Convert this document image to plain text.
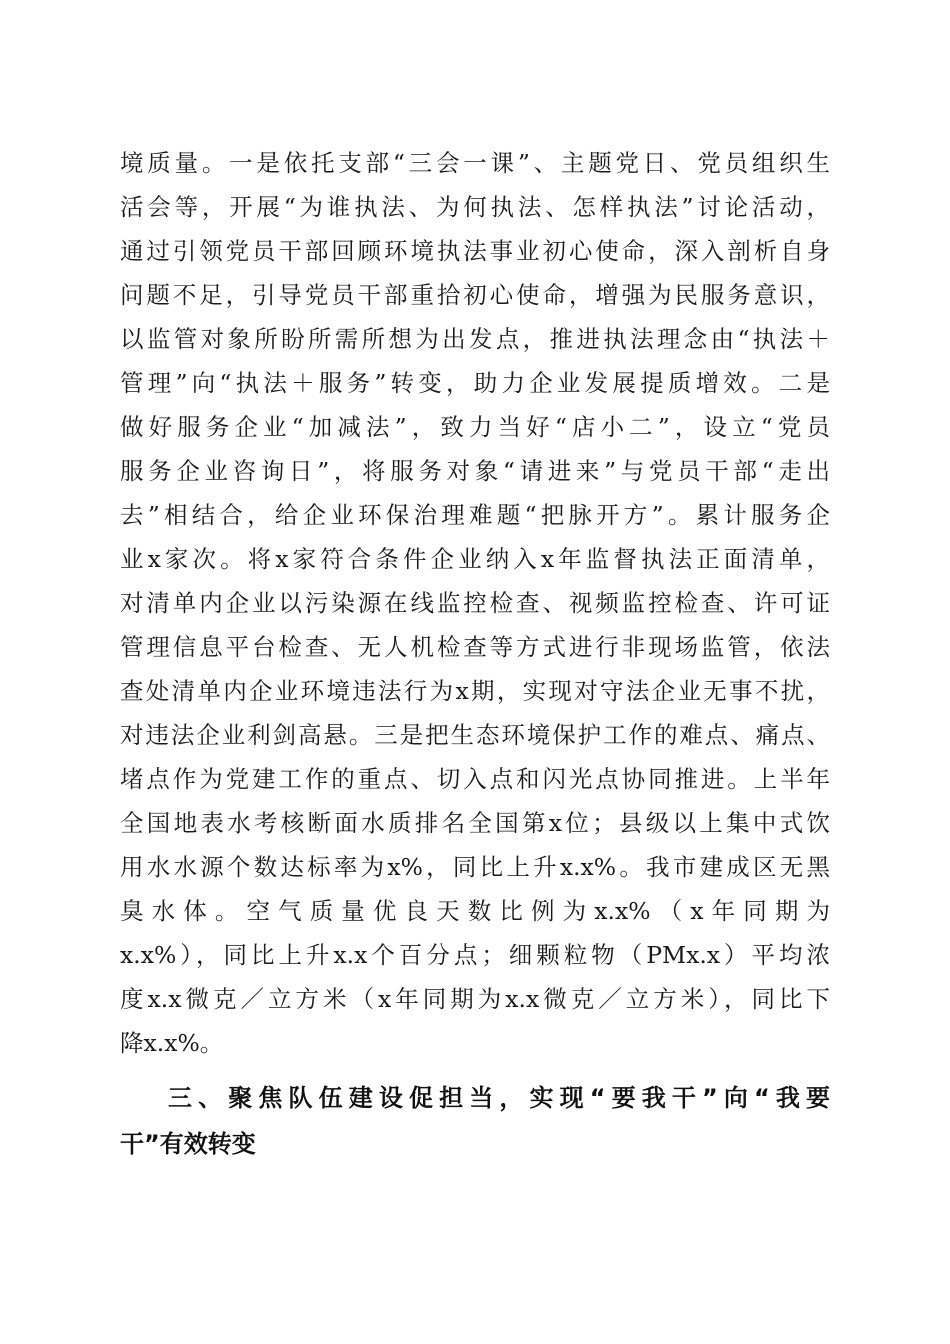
境质量。一是依托支部“三会一课”、主题党日、党员组织生
活会等，开展“为谁执法、为何执法、怎样执法”讨论活动，
通过引领党员干部回顾环境执法事业初心使命，深入剖析自身
问题不足，引导党员干部重拾初心使命，增强为民服务意识，
以监管对象所盼所需所想为出发点，推进执法理念由“执法＋
管理”向“执法＋服务”转变，助力企业发展提质增效。二是
做好服务企业“加减法”，致力当好“店小二”，设立“党员
服务企业咨询日”，将服务对象“请进来”与党员干部“走出
去”相结合，给企业环保治理难题“把脉开方”。累计服务企
业x家次。将x家符合条件企业纳入x年监督执法正面清单，
对清单内企业以污染源在线监控检查、视频监控检查、许可证
管理信息平台检查、无人机检查等方式进行非现场监管，依法
查处清单内企业环境违法行为x期，实现对守法企业无事不扰，
对违法企业利剑高悬。三是把生态环境保护工作的难点、痛点、
堵点作为党建工作的重点、切入点和闪光点协同推进。上半年
全国地表水考核断面水质排名全国第x位；县级以上集中式饮
用水水源个数达标率为x%，同比上升x.x%。我市建成区无黑
臭水体。空气质量优良天数比例为x.x%（x年同期为
x.x%），同比上升x.x个百分点；细颗粒物（PMx.x）平均浓
度x.x微克／立方米（x年同期为x.x微克／立方米），同比下
降x.x%。
三、聚焦队伍建设促担当，实现“要我干”向“我要
干”有效转变
